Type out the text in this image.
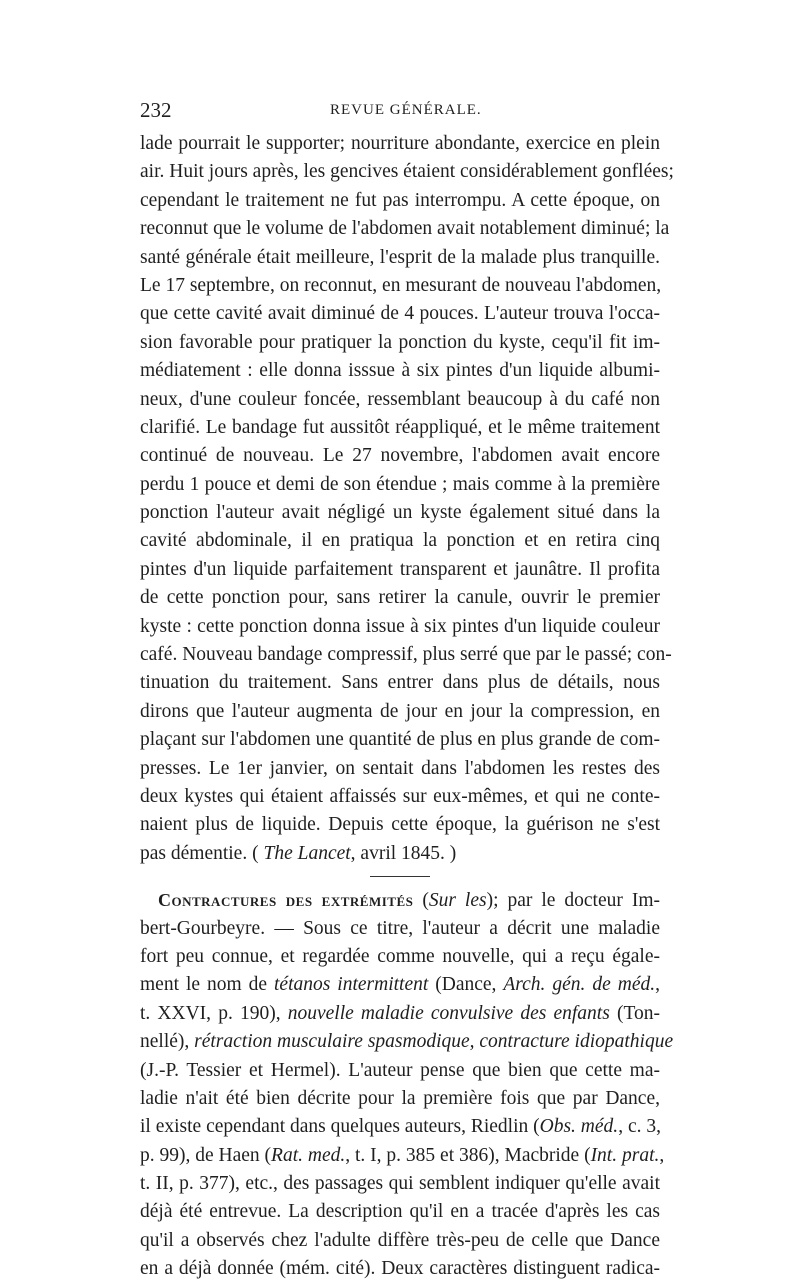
232	REVUE GÉNÉRALE.
lade pourrait le supporter; nourriture abondante, exercice en plein
air. Huit jours après, les gencives étaient considérablement gonflées;
cependant le traitement ne fut pas interrompu. A cette époque, on
reconnut que le volume de l'abdomen avait notablement diminué; la
santé générale était meilleure, l'esprit de la malade plus tranquille.
Le 17 septembre, on reconnut, en mesurant de nouveau l'abdomen,
que cette cavité avait diminué de 4 pouces. L'auteur trouva l'occa-
sion favorable pour pratiquer la ponction du kyste, cequ'il fit im-
médiatement : elle donna isssue à six pintes d'un liquide albumi-
neux, d'une couleur foncée, ressemblant beaucoup à du café non
clarifié. Le bandage fut aussitôt réappliqué, et le même traitement
continué de nouveau. Le 27 novembre, l'abdomen avait encore
perdu 1 pouce et demi de son étendue ; mais comme à la première
ponction l'auteur avait négligé un kyste également situé dans la
cavité abdominale, il en pratiqua la ponction et en retira cinq
pintes d'un liquide parfaitement transparent et jaunâtre. Il profita
de cette ponction pour, sans retirer la canule, ouvrir le premier
kyste : cette ponction donna issue à six pintes d'un liquide couleur
café. Nouveau bandage compressif, plus serré que par le passé; con-
tinuation du traitement. Sans entrer dans plus de détails, nous
dirons que l'auteur augmenta de jour en jour la compression, en
plaçant sur l'abdomen une quantité de plus en plus grande de com-
presses. Le 1er janvier, on sentait dans l'abdomen les restes des
deux kystes qui étaient affaissés sur eux-mêmes, et qui ne conte-
naient plus de liquide. Depuis cette époque, la guérison ne s'est
pas démentie. ( The Lancet, avril 1845. )
Contractures des extrémités (Sur les); par le docteur Im-
bert-Gourbeyre. — Sous ce titre, l'auteur a décrit une maladie
fort peu connue, et regardée comme nouvelle, qui a reçu égale-
ment le nom de tétanos intermittent (Dance, Arch. gén. de méd.,
t. XXVI, p. 190), nouvelle maladie convulsive des enfants (Ton-
nellé), rétraction musculaire spasmodique, contracture idiopathique
(J.-P. Tessier et Hermel). L'auteur pense que bien que cette ma-
ladie n'ait été bien décrite pour la première fois que par Dance,
il existe cependant dans quelques auteurs, Riedlin (Obs. méd., c. 3,
p. 99), de Haen (Rat. med., t. I, p. 385 et 386), Macbride (Int. prat.,
t. II, p. 377), etc., des passages qui semblent indiquer qu'elle avait
déjà été entrevue. La description qu'il en a tracée d'après les cas
qu'il a observés chez l'adulte diffère très-peu de celle que Dance
en a déjà donnée (mém. cité). Deux caractères distinguent radica-
